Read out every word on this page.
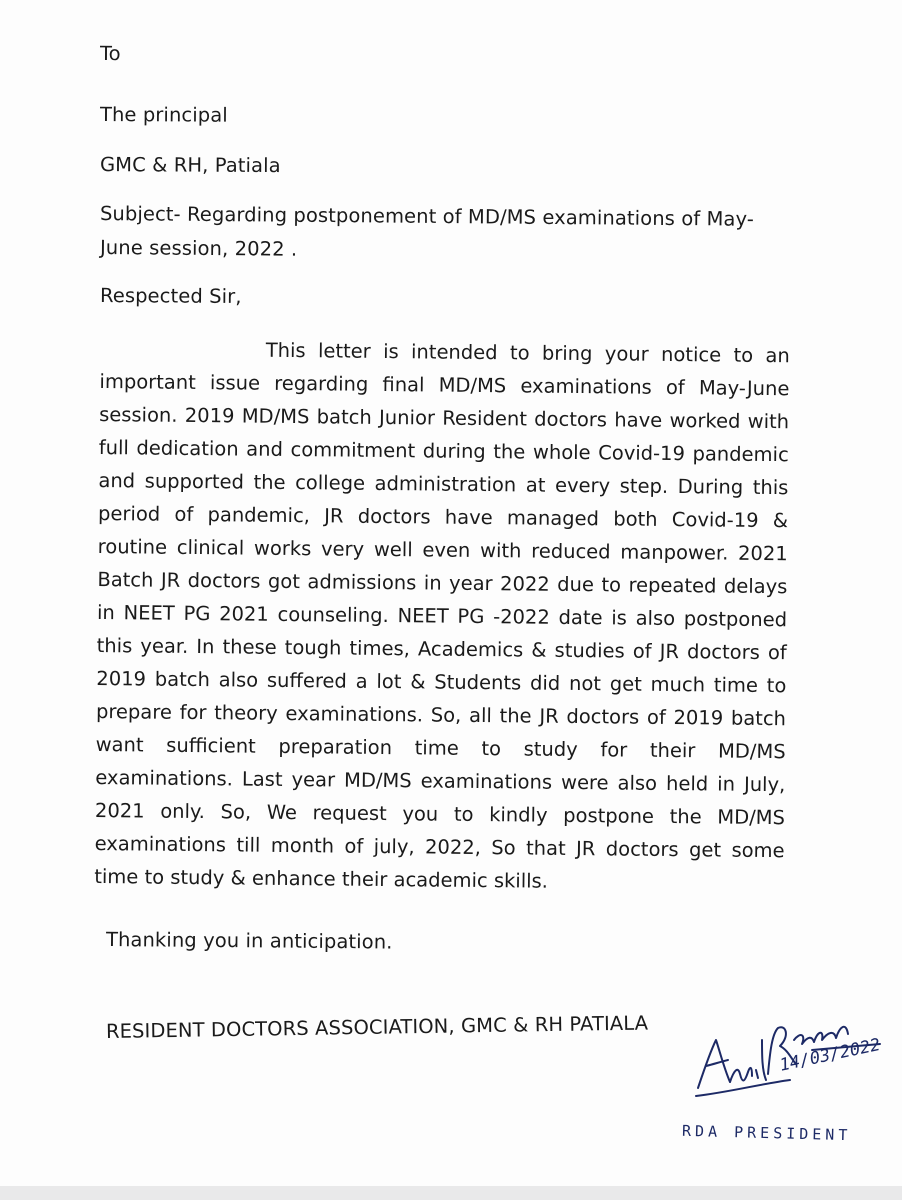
To
The principal
GMC & RH, Patiala
Subject- Regarding postponement of MD/MS examinations of May-
June session, 2022 .
Respected Sir,
This letter is intended to bring your notice to an important issue regarding final MD/MS examinations of May-June session. 2019 MD/MS batch Junior Resident doctors have worked with full dedication and commitment during the whole Covid-19 pandemic and supported the college administration at every step. During this period of pandemic, JR doctors have managed both Covid-19 & routine clinical works very well even with reduced manpower. 2021 Batch JR doctors got admissions in year 2022 due to repeated delays in NEET PG 2021 counseling. NEET PG -2022 date is also postponed this year. In these tough times, Academics & studies of JR doctors of 2019 batch also suffered a lot & Students did not get much time to prepare for theory examinations. So, all the JR doctors of 2019 batch want sufficient preparation time to study for their MD/MS examinations. Last year MD/MS examinations were also held in July, 2021 only. So, We request you to kindly postpone the MD/MS examinations till month of july, 2022, So that JR doctors get some time to study & enhance their academic skills.
Thanking you in anticipation.
RESIDENT DOCTORS ASSOCIATION, GMC & RH PATIALA
14/03/2022
RDA PRESIDENT
